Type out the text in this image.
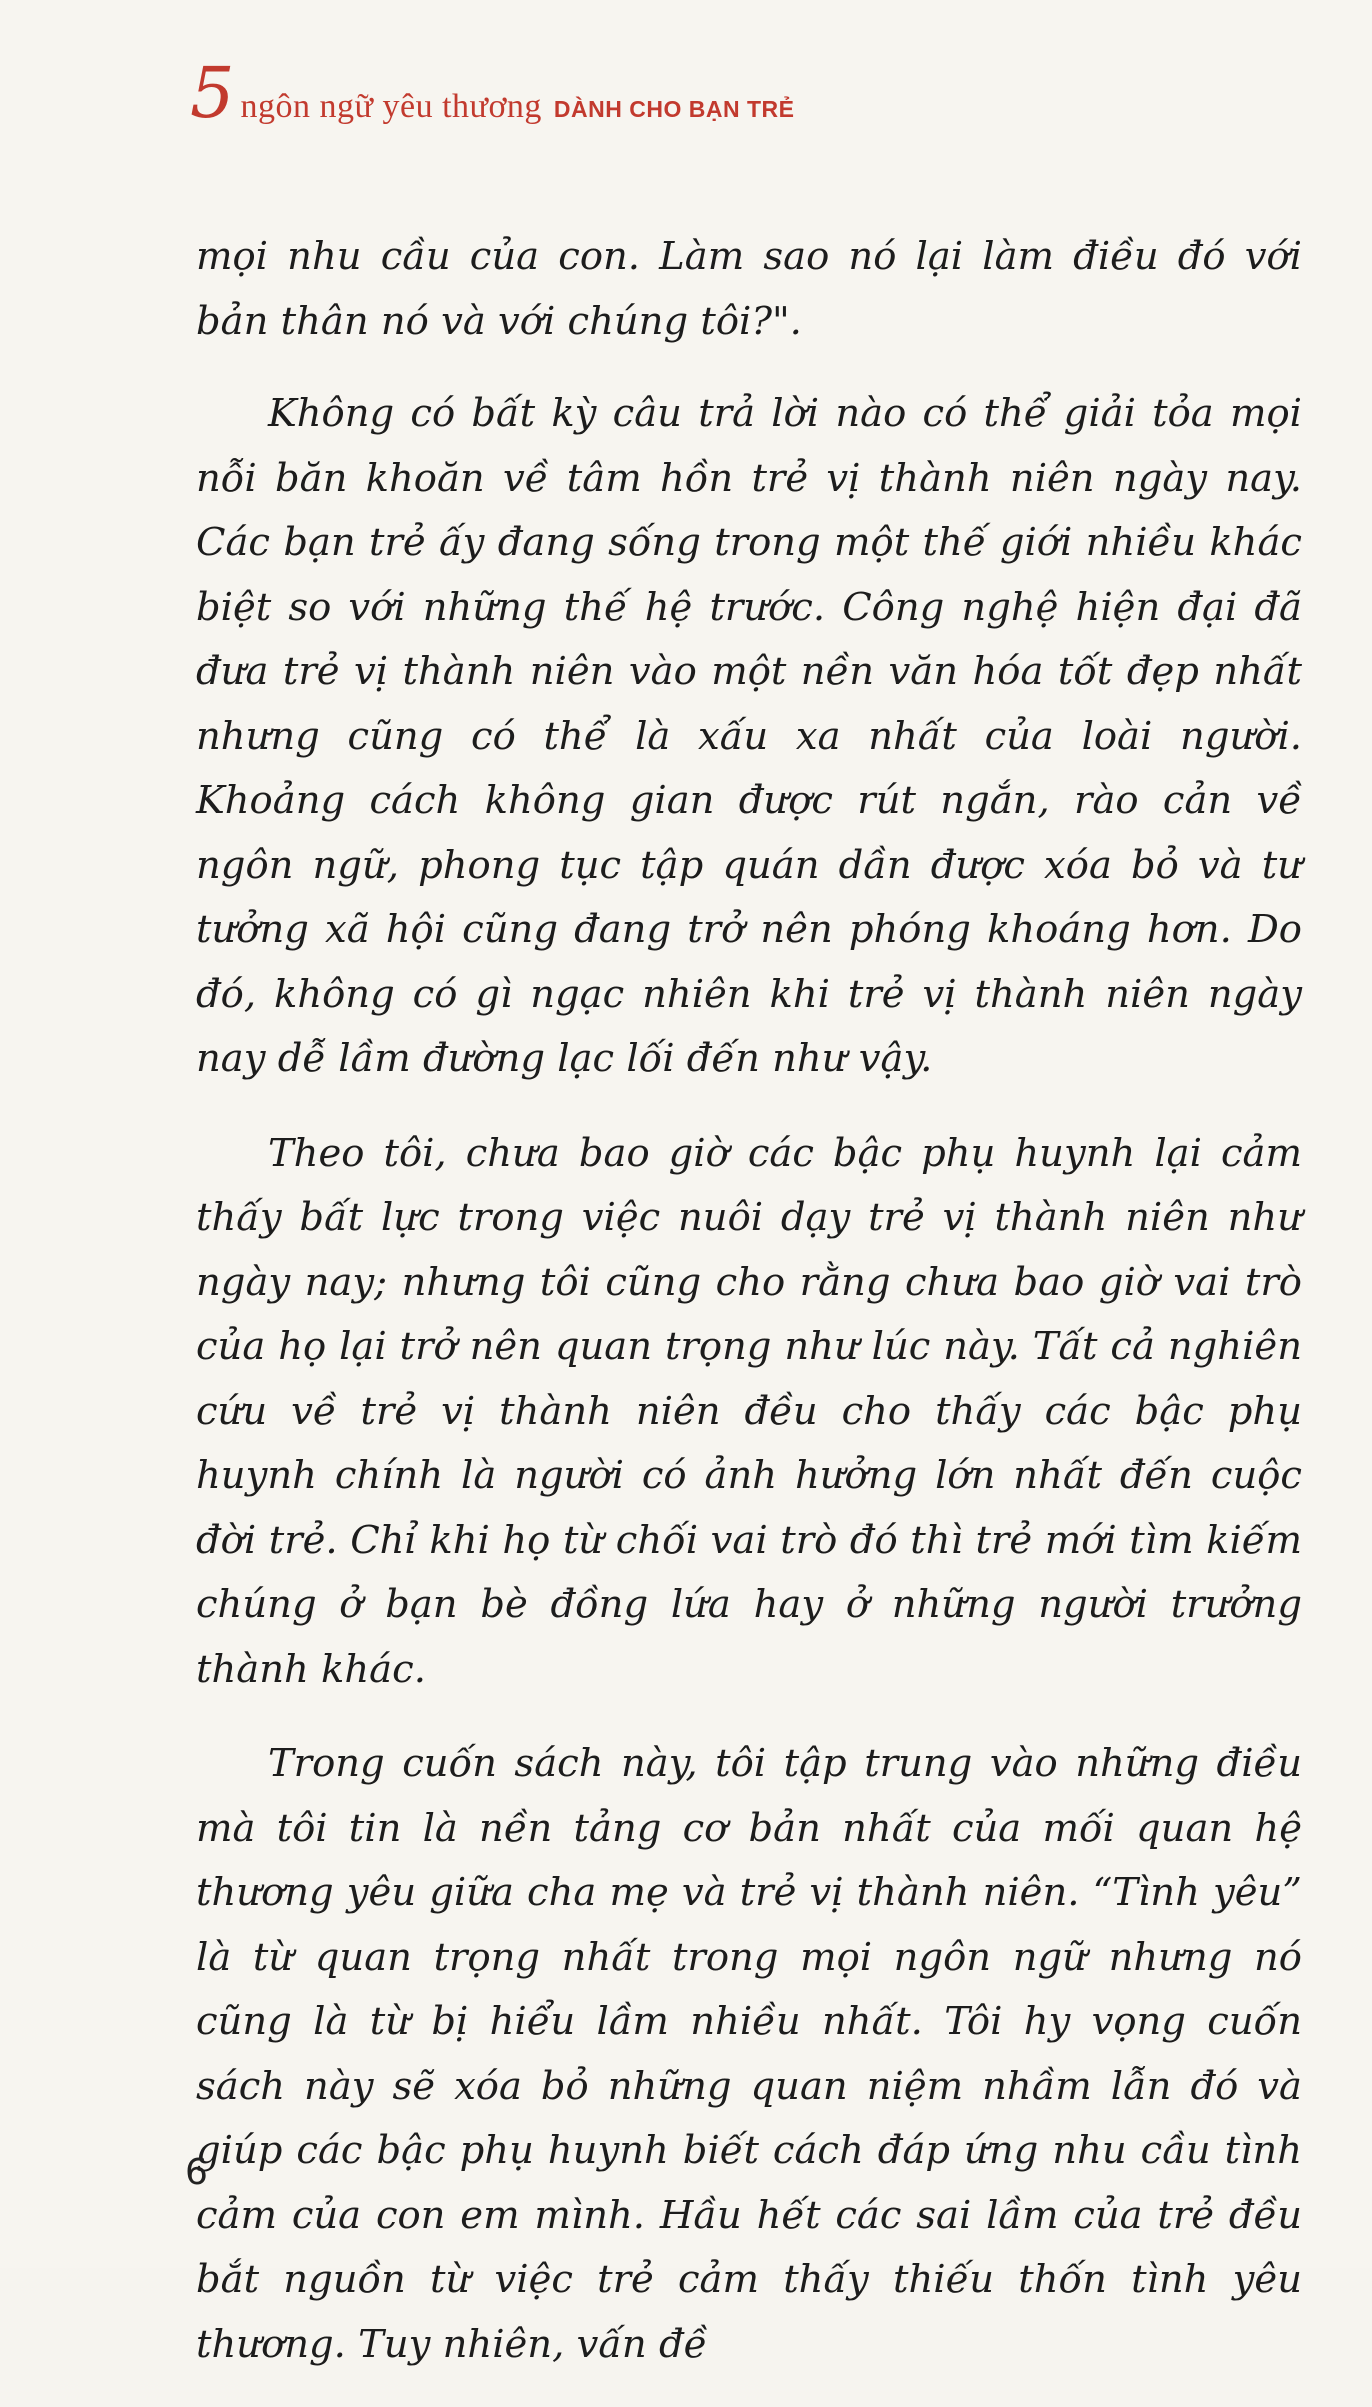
5 ngôn ngữ yêu thương DÀNH CHO BẠN TRẺ

mọi nhu cầu của con. Làm sao nó lại làm điều đó với bản thân nó và với chúng tôi?".

Không có bất kỳ câu trả lời nào có thể giải tỏa mọi nỗi băn khoăn về tâm hồn trẻ vị thành niên ngày nay. Các bạn trẻ ấy đang sống trong một thế giới nhiều khác biệt so với những thế hệ trước. Công nghệ hiện đại đã đưa trẻ vị thành niên vào một nền văn hóa tốt đẹp nhất nhưng cũng có thể là xấu xa nhất của loài người. Khoảng cách không gian được rút ngắn, rào cản về ngôn ngữ, phong tục tập quán dần được xóa bỏ và tư tưởng xã hội cũng đang trở nên phóng khoáng hơn. Do đó, không có gì ngạc nhiên khi trẻ vị thành niên ngày nay dễ lầm đường lạc lối đến như vậy.

Theo tôi, chưa bao giờ các bậc phụ huynh lại cảm thấy bất lực trong việc nuôi dạy trẻ vị thành niên như ngày nay; nhưng tôi cũng cho rằng chưa bao giờ vai trò của họ lại trở nên quan trọng như lúc này. Tất cả nghiên cứu về trẻ vị thành niên đều cho thấy các bậc phụ huynh chính là người có ảnh hưởng lớn nhất đến cuộc đời trẻ. Chỉ khi họ từ chối vai trò đó thì trẻ mới tìm kiếm chúng ở bạn bè đồng lứa hay ở những người trưởng thành khác.

Trong cuốn sách này, tôi tập trung vào những điều mà tôi tin là nền tảng cơ bản nhất của mối quan hệ thương yêu giữa cha mẹ và trẻ vị thành niên. “Tình yêu” là từ quan trọng nhất trong mọi ngôn ngữ nhưng nó cũng là từ bị hiểu lầm nhiều nhất. Tôi hy vọng cuốn sách này sẽ xóa bỏ những quan niệm nhầm lẫn đó và giúp các bậc phụ huynh biết cách đáp ứng nhu cầu tình cảm của con em mình. Hầu hết các sai lầm của trẻ đều bắt nguồn từ việc trẻ cảm thấy thiếu thốn tình yêu thương. Tuy nhiên, vấn đề

6
